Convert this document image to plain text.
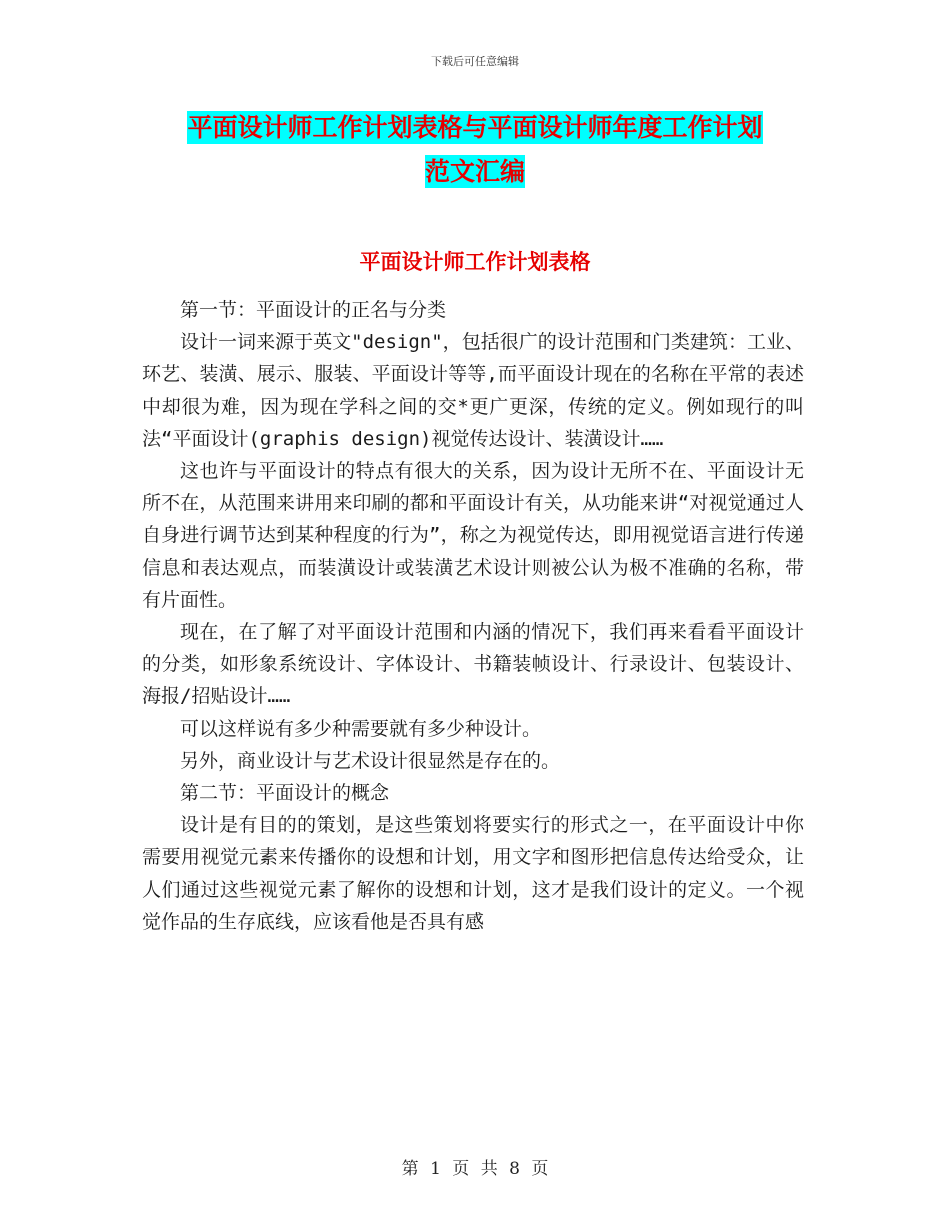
下载后可任意编辑
平面设计师工作计划表格与平面设计师年度工作计划
范文汇编
平面设计师工作计划表格

第一节：平面设计的正名与分类

设计一词来源于英文"design"，包括很广的设计范围和门类建筑：工业、环艺、装潢、展示、服装、平面设计等等,而平面设计现在的名称在平常的表述中却很为难，因为现在学科之间的交*更广更深，传统的定义。例如现行的叫法“平面设计(graphis design)视觉传达设计、装潢设计……

这也许与平面设计的特点有很大的关系，因为设计无所不在、平面设计无所不在，从范围来讲用来印刷的都和平面设计有关，从功能来讲“对视觉通过人自身进行调节达到某种程度的行为”，称之为视觉传达，即用视觉语言进行传递信息和表达观点，而装潢设计或装潢艺术设计则被公认为极不准确的名称，带有片面性。

现在，在了解了对平面设计范围和内涵的情况下，我们再来看看平面设计的分类，如形象系统设计、字体设计、书籍装帧设计、行录设计、包装设计、海报/招贴设计……

可以这样说有多少种需要就有多少种设计。

另外，商业设计与艺术设计很显然是存在的。

第二节：平面设计的概念

设计是有目的的策划，是这些策划将要实行的形式之一，在平面设计中你需要用视觉元素来传播你的设想和计划，用文字和图形把信息传达给受众，让人们通过这些视觉元素了解你的设想和计划，这才是我们设计的定义。一个视觉作品的生存底线，应该看他是否具有感

第 1 页 共 8 页
